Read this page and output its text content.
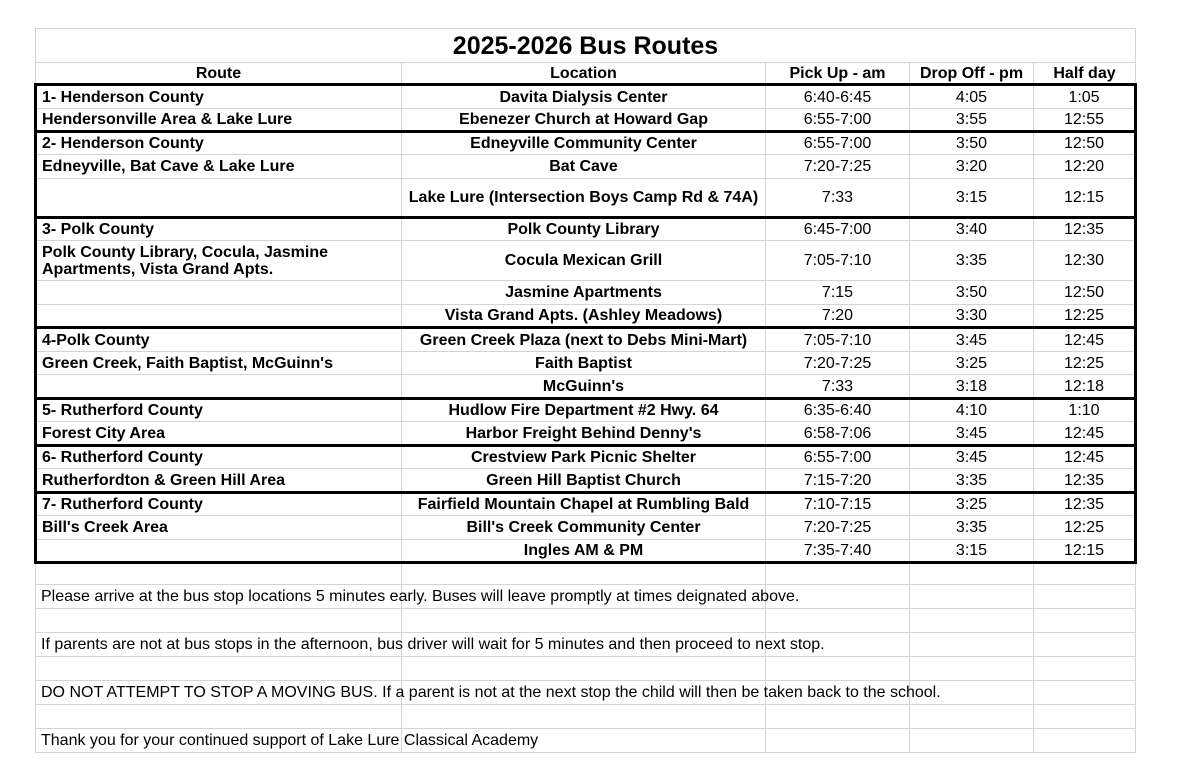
2025-2026 Bus Routes				
Route	Location	Pick Up - am	Drop Off - pm	Half day
1- Henderson County	Davita Dialysis Center	6:40-6:45	4:05	1:05
Hendersonville Area & Lake Lure	Ebenezer Church at Howard Gap	6:55-7:00	3:55	12:55
2- Henderson County	Edneyville Community Center	6:55-7:00	3:50	12:50
Edneyville, Bat Cave & Lake Lure	Bat Cave	7:20-7:25	3:20	12:20
	Lake Lure (Intersection Boys Camp Rd & 74A)	7:33	3:15	12:15
3- Polk County	Polk County Library	6:45-7:00	3:40	12:35
Polk County Library, Cocula, Jasmine Apartments, Vista Grand Apts.	Cocula Mexican Grill	7:05-7:10	3:35	12:30
	Jasmine Apartments	7:15	3:50	12:50
	Vista Grand Apts. (Ashley Meadows)	7:20	3:30	12:25
4-Polk County	Green Creek Plaza (next to Debs Mini-Mart)	7:05-7:10	3:45	12:45
Green Creek, Faith Baptist, McGuinn's	Faith Baptist	7:20-7:25	3:25	12:25
	McGuinn's	7:33	3:18	12:18
5- Rutherford County	Hudlow Fire Department #2 Hwy. 64	6:35-6:40	4:10	1:10
Forest City Area	Harbor Freight Behind Denny's	6:58-7:06	3:45	12:45
6- Rutherford County	Crestview Park Picnic Shelter	6:55-7:00	3:45	12:45
Rutherfordton & Green Hill Area	Green Hill Baptist Church	7:15-7:20	3:35	12:35
7- Rutherford County	Fairfield Mountain Chapel at Rumbling Bald	7:10-7:15	3:25	12:35
Bill's Creek Area	Bill's Creek Community Center	7:20-7:25	3:35	12:25
	Ingles AM & PM	7:35-7:40	3:15	12:15

Please arrive at the bus stop locations 5 minutes early. Buses will leave promptly at times deignated above.				

If parents are not at bus stops in the afternoon, bus driver will wait for 5 minutes and then proceed to next stop.				

DO NOT ATTEMPT TO STOP A MOVING BUS. If a parent is not at the next stop the child will then be taken back to the school.				

Thank you for your continued support of Lake Lure Classical Academy				
